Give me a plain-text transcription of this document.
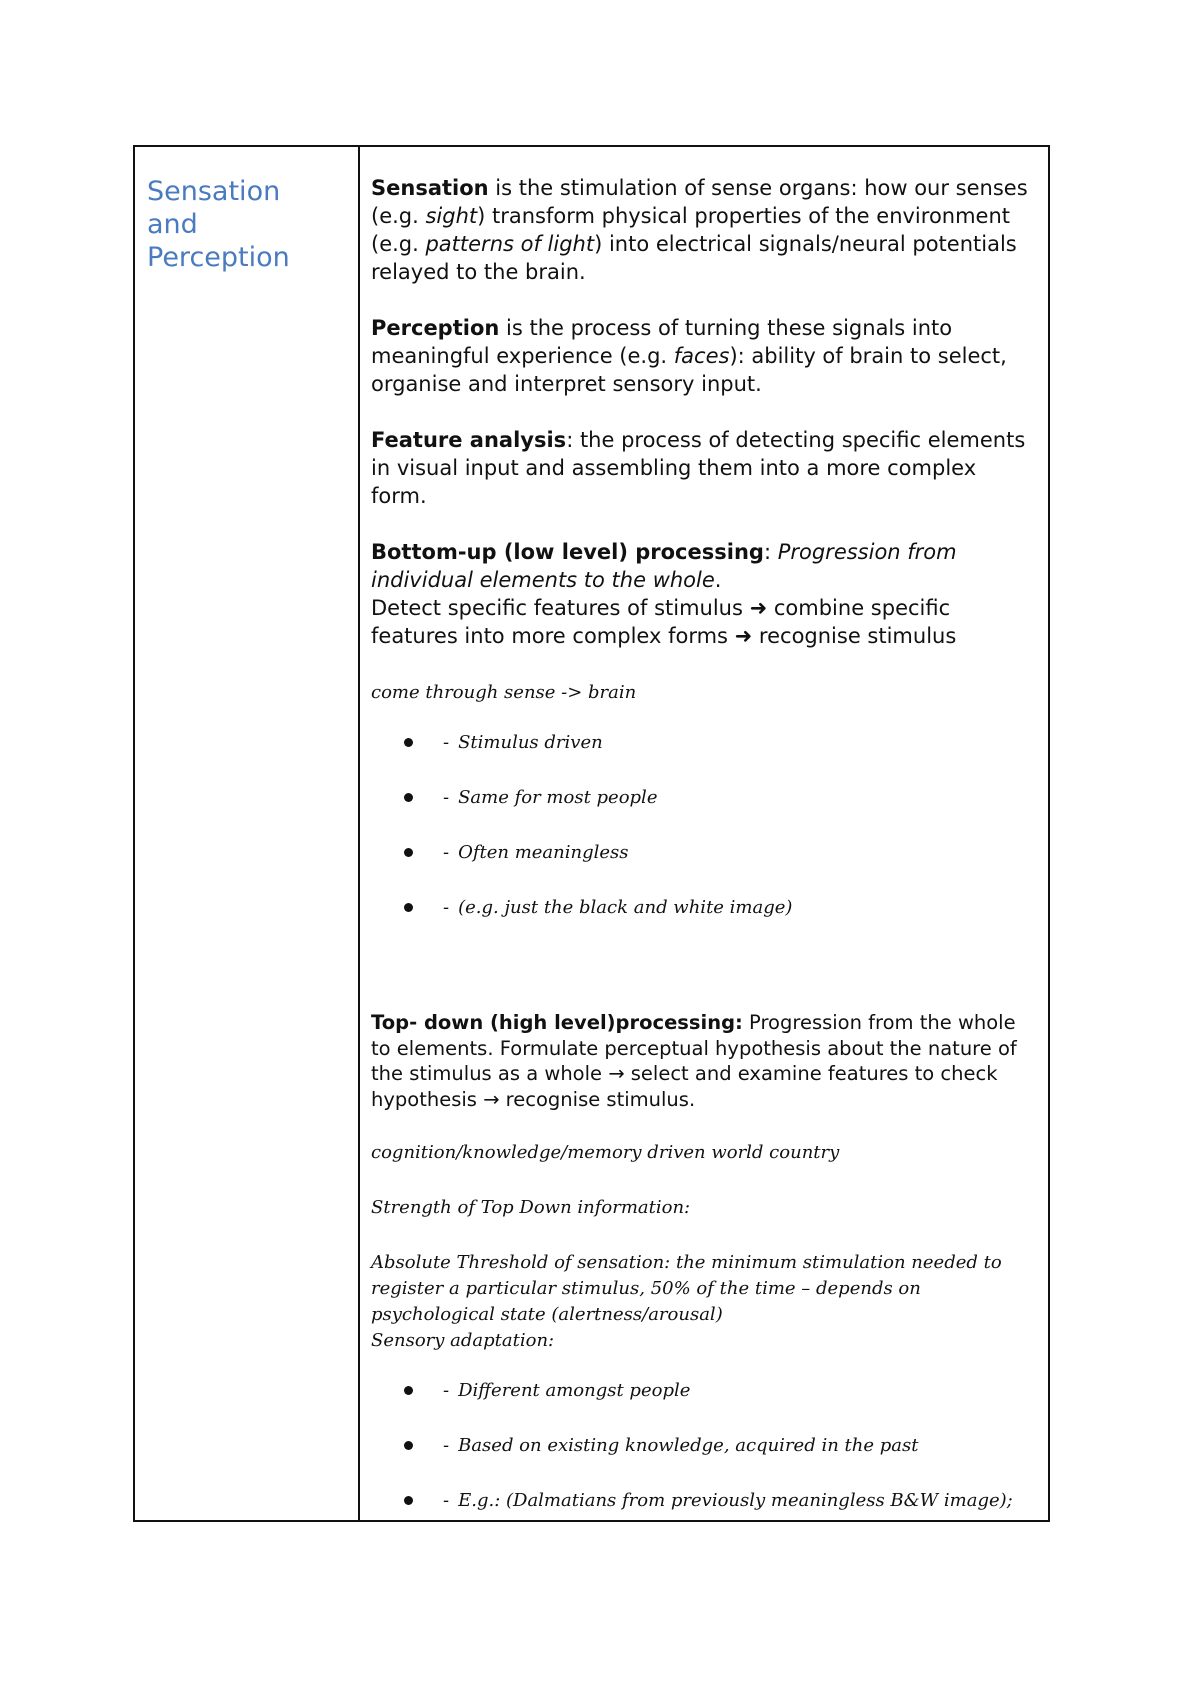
Sensation and Perception

Sensation is the stimulation of sense organs: how our senses (e.g. sight) transform physical properties of the environment (e.g. patterns of light) into electrical signals/neural potentials relayed to the brain.

Perception is the process of turning these signals into meaningful experience (e.g. faces): ability of brain to select, organise and interpret sensory input.

Feature analysis: the process of detecting specific elements in visual input and assembling them into a more complex form.

Bottom-up (low level) processing: Progression from individual elements to the whole.

Detect specific features of stimulus ➜ combine specific features into more complex forms ➜ recognise stimulus

come through sense -> brain

- Stimulus driven
- Same for most people
- Often meaningless
- (e.g. just the black and white image)

Top- down (high level)processing: Progression from the whole to elements. Formulate perceptual hypothesis about the nature of the stimulus as a whole → select and examine features to check hypothesis → recognise stimulus.

cognition/knowledge/memory driven world country

Strength of Top Down information:

Absolute Threshold of sensation: the minimum stimulation needed to register a particular stimulus, 50% of the time – depends on psychological state (alertness/arousal)

Sensory adaptation:

- Different amongst people
- Based on existing knowledge, acquired in the past
- E.g.: (Dalmatians from previously meaningless B&W image);
